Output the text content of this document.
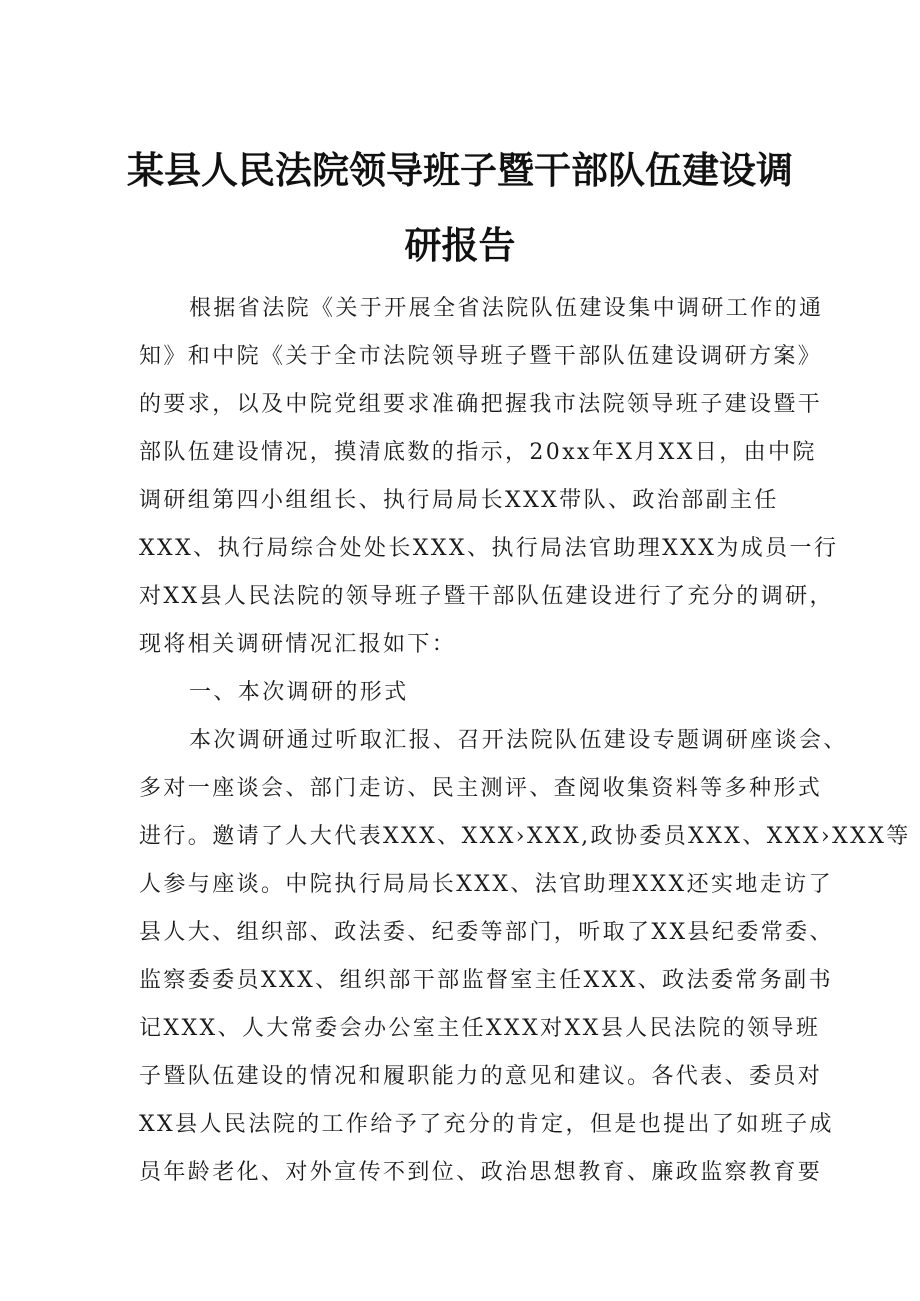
某县人民法院领导班子暨干部队伍建设调
研报告

根据省法院《关于开展全省法院队伍建设集中调研工作的通

知》和中院《关于全市法院领导班子暨干部队伍建设调研方案》

的要求，以及中院党组要求准确把握我市法院领导班子建设暨干

部队伍建设情况，摸清底数的指示，20xx年X月XX日，由中院

调研组第四小组组长、执行局局长XXX带队、政治部副主任

XXX、执行局综合处处长XXX、执行局法官助理XXX为成员一行

对XX县人民法院的领导班子暨干部队伍建设进行了充分的调研，

现将相关调研情况汇报如下：

一、本次调研的形式

本次调研通过听取汇报、召开法院队伍建设专题调研座谈会、

多对一座谈会、部门走访、民主测评、查阅收集资料等多种形式

进行。邀请了人大代表XXX、XXX›XXX,政协委员XXX、XXX›XXX等

人参与座谈。中院执行局局长XXX、法官助理XXX还实地走访了

县人大、组织部、政法委、纪委等部门，听取了XX县纪委常委、

监察委委员XXX、组织部干部监督室主任XXX、政法委常务副书

记XXX、人大常委会办公室主任XXX对XX县人民法院的领导班

子暨队伍建设的情况和履职能力的意见和建议。各代表、委员对

XX县人民法院的工作给予了充分的肯定，但是也提出了如班子成

员年龄老化、对外宣传不到位、政治思想教育、廉政监察教育要
